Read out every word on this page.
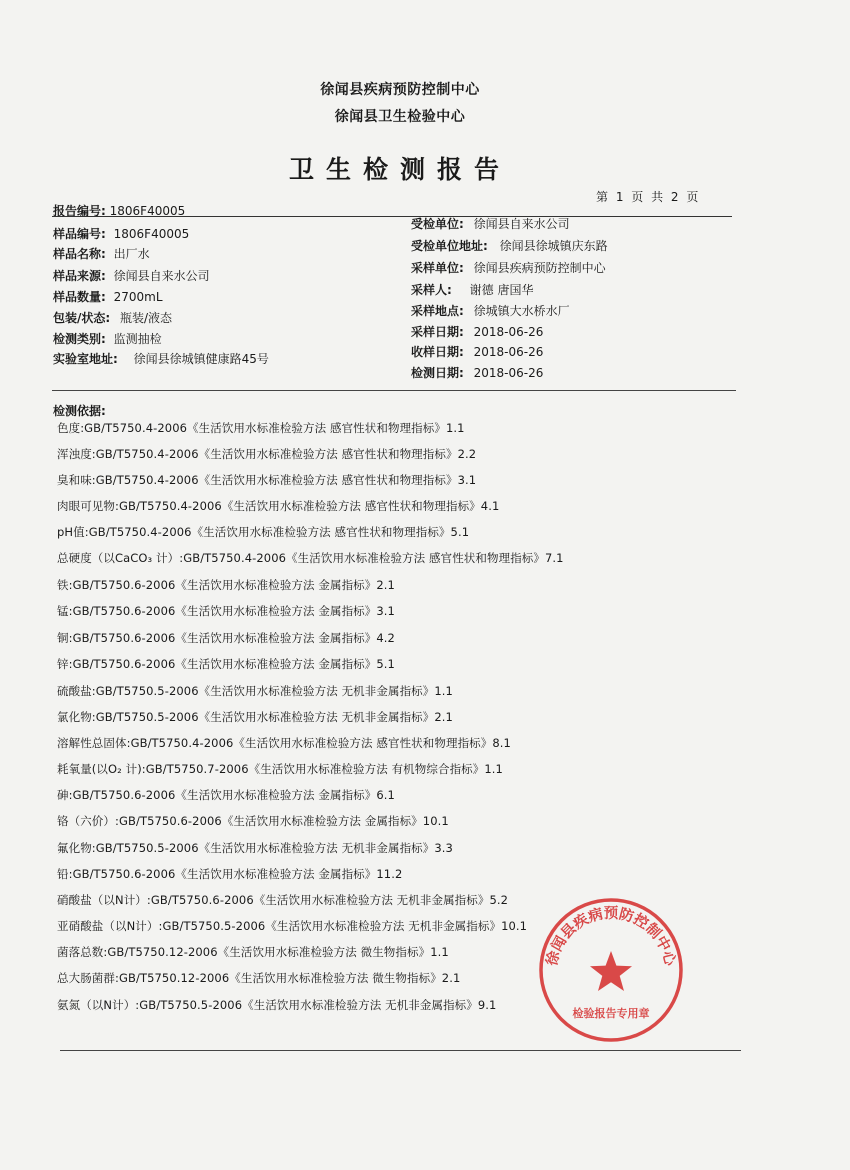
徐闻县疾病预防控制中心
徐闻县卫生检验中心
卫生检测报告
第 1 页 共 2 页
报告编号: 1806F40005
样品编号: 1806F40005
样品名称: 出厂水
样品来源: 徐闻县自来水公司
样品数量: 2700mL
包装/状态: 瓶装/液态
检测类别: 监测抽检
实验室地址: 徐闻县徐城镇健康路45号
受检单位: 徐闻县自来水公司
受检单位地址: 徐闻县徐城镇庆东路
采样单位: 徐闻县疾病预防控制中心
采样人: 谢德 唐国华
采样地点: 徐城镇大水桥水厂
采样日期: 2018-06-26
收样日期: 2018-06-26
检测日期: 2018-06-26
检测依据:
色度:GB/T5750.4-2006《生活饮用水标准检验方法 感官性状和物理指标》1.1
浑浊度:GB/T5750.4-2006《生活饮用水标准检验方法 感官性状和物理指标》2.2
臭和味:GB/T5750.4-2006《生活饮用水标准检验方法 感官性状和物理指标》3.1
肉眼可见物:GB/T5750.4-2006《生活饮用水标准检验方法 感官性状和物理指标》4.1
pH值:GB/T5750.4-2006《生活饮用水标准检验方法 感官性状和物理指标》5.1
总硬度（以CaCO₃ 计）:GB/T5750.4-2006《生活饮用水标准检验方法 感官性状和物理指标》7.1
铁:GB/T5750.6-2006《生活饮用水标准检验方法 金属指标》2.1
锰:GB/T5750.6-2006《生活饮用水标准检验方法 金属指标》3.1
铜:GB/T5750.6-2006《生活饮用水标准检验方法 金属指标》4.2
锌:GB/T5750.6-2006《生活饮用水标准检验方法 金属指标》5.1
硫酸盐:GB/T5750.5-2006《生活饮用水标准检验方法 无机非金属指标》1.1
氯化物:GB/T5750.5-2006《生活饮用水标准检验方法 无机非金属指标》2.1
溶解性总固体:GB/T5750.4-2006《生活饮用水标准检验方法 感官性状和物理指标》8.1
耗氧量(以O₂ 计):GB/T5750.7-2006《生活饮用水标准检验方法 有机物综合指标》1.1
砷:GB/T5750.6-2006《生活饮用水标准检验方法 金属指标》6.1
铬（六价）:GB/T5750.6-2006《生活饮用水标准检验方法 金属指标》10.1
氟化物:GB/T5750.5-2006《生活饮用水标准检验方法 无机非金属指标》3.3
铅:GB/T5750.6-2006《生活饮用水标准检验方法 金属指标》11.2
硝酸盐（以N计）:GB/T5750.6-2006《生活饮用水标准检验方法 无机非金属指标》5.2
亚硝酸盐（以N计）:GB/T5750.5-2006《生活饮用水标准检验方法 无机非金属指标》10.1
菌落总数:GB/T5750.12-2006《生活饮用水标准检验方法 微生物指标》1.1
总大肠菌群:GB/T5750.12-2006《生活饮用水标准检验方法 微生物指标》2.1
氨氮（以N计）:GB/T5750.5-2006《生活饮用水标准检验方法 无机非金属指标》9.1
徐闻县疾病预防控制中心
检验报告专用章
